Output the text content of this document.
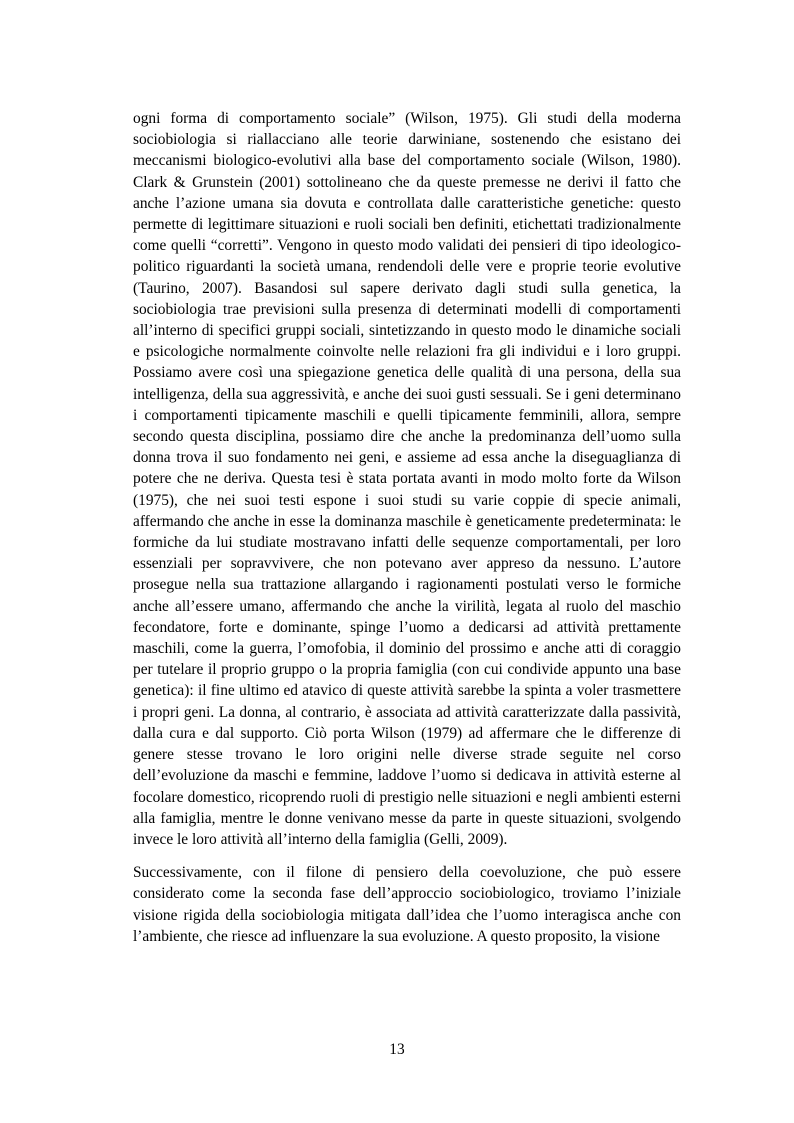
ogni forma di comportamento sociale” (Wilson, 1975). Gli studi della moderna sociobiologia si riallacciano alle teorie darwiniane, sostenendo che esistano dei meccanismi biologico-evolutivi alla base del comportamento sociale (Wilson, 1980). Clark & Grunstein (2001) sottolineano che da queste premesse ne derivi il fatto che anche l’azione umana sia dovuta e controllata dalle caratteristiche genetiche: questo permette di legittimare situazioni e ruoli sociali ben definiti, etichettati tradizionalmente come quelli “corretti”. Vengono in questo modo validati dei pensieri di tipo ideologico-politico riguardanti la società umana, rendendoli delle vere e proprie teorie evolutive (Taurino, 2007). Basandosi sul sapere derivato dagli studi sulla genetica, la sociobiologia trae previsioni sulla presenza di determinati modelli di comportamenti all’interno di specifici gruppi sociali, sintetizzando in questo modo le dinamiche sociali e psicologiche normalmente coinvolte nelle relazioni fra gli individui e i loro gruppi. Possiamo avere così una spiegazione genetica delle qualità di una persona, della sua intelligenza, della sua aggressività, e anche dei suoi gusti sessuali. Se i geni determinano i comportamenti tipicamente maschili e quelli tipicamente femminili, allora, sempre secondo questa disciplina, possiamo dire che anche la predominanza dell’uomo sulla donna trova il suo fondamento nei geni, e assieme ad essa anche la diseguaglianza di potere che ne deriva. Questa tesi è stata portata avanti in modo molto forte da Wilson (1975), che nei suoi testi espone i suoi studi su varie coppie di specie animali, affermando che anche in esse la dominanza maschile è geneticamente predeterminata: le formiche da lui studiate mostravano infatti delle sequenze comportamentali, per loro essenziali per sopravvivere, che non potevano aver appreso da nessuno. L’autore prosegue nella sua trattazione allargando i ragionamenti postulati verso le formiche anche all’essere umano, affermando che anche la virilità, legata al ruolo del maschio fecondatore, forte e dominante, spinge l’uomo a dedicarsi ad attività prettamente maschili, come la guerra, l’omofobia, il dominio del prossimo e anche atti di coraggio per tutelare il proprio gruppo o la propria famiglia (con cui condivide appunto una base genetica): il fine ultimo ed atavico di queste attività sarebbe la spinta a voler trasmettere i propri geni. La donna, al contrario, è associata ad attività caratterizzate dalla passività, dalla cura e dal supporto. Ciò porta Wilson (1979) ad affermare che le differenze di genere stesse trovano le loro origini nelle diverse strade seguite nel corso dell’evoluzione da maschi e femmine, laddove l’uomo si dedicava in attività esterne al focolare domestico, ricoprendo ruoli di prestigio nelle situazioni e negli ambienti esterni alla famiglia, mentre le donne venivano messe da parte in queste situazioni, svolgendo invece le loro attività all’interno della famiglia (Gelli, 2009).

Successivamente, con il filone di pensiero della coevoluzione, che può essere considerato come la seconda fase dell’approccio sociobiologico, troviamo l’iniziale visione rigida della sociobiologia mitigata dall’idea che l’uomo interagisca anche con l’ambiente, che riesce ad influenzare la sua evoluzione. A questo proposito, la visione

13
